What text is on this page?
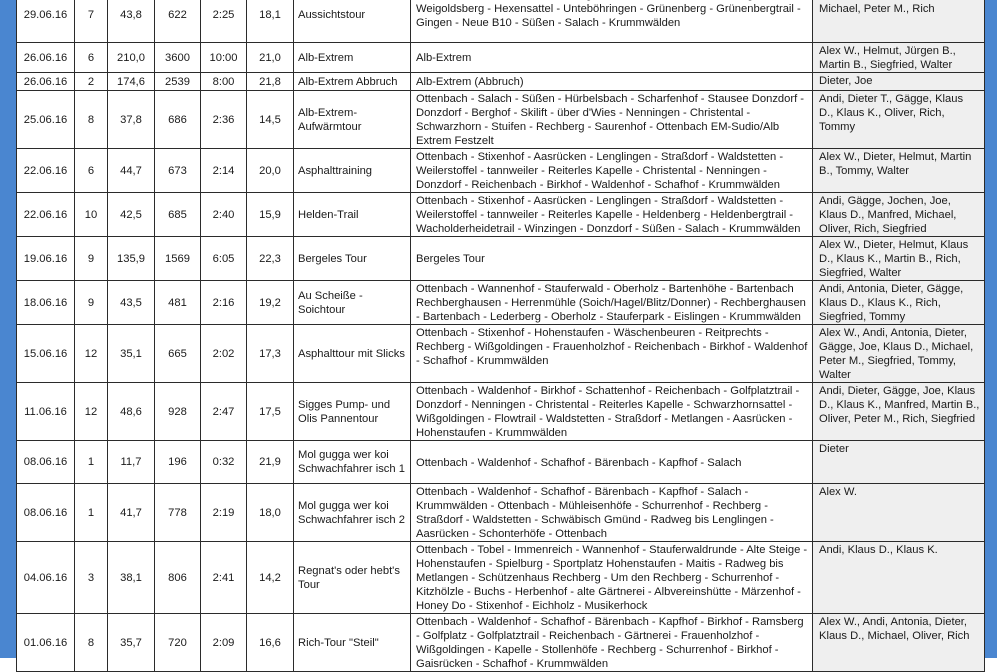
29.06.16	7	43,8	622	2:25	18,1	Aussichtstour	Weigoldsberg - Hexensattel - Unteböhringen - Grünenberg - Grünenbergtrail - Gingen - Neue B10 - Süßen - Salach - Krummwälden	Michael, Peter M., Rich
26.06.16	6	210,0	3600	10:00	21,0	Alb-Extrem	Alb-Extrem	Alex W., Helmut, Jürgen B., Martin B., Siegfried, Walter
26.06.16	2	174,6	2539	8:00	21,8	Alb-Extrem Abbruch	Alb-Extrem (Abbruch)	Dieter, Joe
25.06.16	8	37,8	686	2:36	14,5	Alb-Extrem-Aufwärmtour	Ottenbach - Salach - Süßen - Hürbelsbach - Scharfenhof - Stausee Donzdorf - Donzdorf - Berghof - Skilift - über d'Wies - Nenningen - Christental - Schwarzhorn - Stuifen - Rechberg - Saurenhof - Ottenbach EM-Sudio/Alb Extrem Festzelt	Andi, Dieter T., Gägge, Klaus D., Klaus K., Oliver, Rich, Tommy
22.06.16	6	44,7	673	2:14	20,0	Asphalttraining	Ottenbach - Stixenhof - Aasrücken - Lenglingen - Straßdorf - Waldstetten - Weilerstoffel - tannweiler - Reiterles Kapelle - Christental - Nenningen - Donzdorf - Reichenbach - Birkhof - Waldenhof - Schafhof - Krummwälden	Alex W., Dieter, Helmut, Martin B., Tommy, Walter
22.06.16	10	42,5	685	2:40	15,9	Helden-Trail	Ottenbach - Stixenhof - Aasrücken - Lenglingen - Straßdorf - Waldstetten - Weilerstoffel - tannweiler - Reiterles Kapelle - Heldenberg - Heldenbergtrail - Wacholderheidetrail - Winzingen - Donzdorf - Süßen - Salach - Krummwälden	Andi, Gägge, Jochen, Joe, Klaus D., Manfred, Michael, Oliver, Rich, Siegfried
19.06.16	9	135,9	1569	6:05	22,3	Bergeles Tour	Bergeles Tour	Alex W., Dieter, Helmut, Klaus D., Klaus K., Martin B., Rich, Siegfried, Walter
18.06.16	9	43,5	481	2:16	19,2	Au Scheiße - Soichtour	Ottenbach - Wannenhof - Stauferwald - Oberholz - Bartenhöhe - Bartenbach Rechberghausen - Herrenmühle (Soich/Hagel/Blitz/Donner) - Rechberghausen - Bartenbach - Lederberg - Oberholz - Stauferpark - Eislingen - Krummwälden	Andi, Antonia, Dieter, Gägge, Klaus D., Klaus K., Rich, Siegfried, Tommy
15.06.16	12	35,1	665	2:02	17,3	Asphalttour mit Slicks	Ottenbach - Stixenhof - Hohenstaufen - Wäschenbeuren - Reitprechts - Rechberg - Wißgoldingen - Frauenholzhof - Reichenbach - Birkhof - Waldenhof - Schafhof - Krummwälden	Alex W., Andi, Antonia, Dieter, Gägge, Joe, Klaus D., Michael, Peter M., Siegfried, Tommy, Walter
11.06.16	12	48,6	928	2:47	17,5	Sigges Pump- und Olis Pannentour	Ottenbach - Waldenhof - Birkhof - Schattenhof - Reichenbach - Golfplatztrail - Donzdorf - Nenningen - Christental - Reiterles Kapelle - Schwarzhornsattel - Wißgoldingen - Flowtrail - Waldstetten - Straßdorf - Metlangen - Aasrücken - Hohenstaufen - Krummwälden	Andi, Dieter, Gägge, Joe, Klaus D., Klaus K., Manfred, Martin B., Oliver, Peter M., Rich, Siegfried
08.06.16	1	11,7	196	0:32	21,9	Mol gugga wer koi Schwachfahrer isch 1	Ottenbach - Waldenhof - Schafhof - Bärenbach - Kapfhof - Salach	Dieter
08.06.16	1	41,7	778	2:19	18,0	Mol gugga wer koi Schwachfahrer isch 2	Ottenbach - Waldenhof - Schafhof - Bärenbach - Kapfhof - Salach - Krummwälden - Ottenbach - Mühleisenhöfe - Schurrenhof - Rechberg - Straßdorf - Waldstetten - Schwäbisch Gmünd - Radweg bis Lenglingen - Aasrücken - Schonterhöfe - Ottenbach	Alex W.
04.06.16	3	38,1	806	2:41	14,2	Regnat's oder hebt's Tour	Ottenbach - Tobel - Immenreich - Wannenhof - Stauferwaldrunde - Alte Steige - Hohenstaufen - Spielburg - Sportplatz Hohenstaufen - Maitis - Radweg bis Metlangen - Schützenhaus Rechberg - Um den Rechberg - Schurrenhof - Kitzhölzle - Buchs - Herbenhof - alte Gärtnerei - Albvereinshütte - Märzenhof - Honey Do - Stixenhof - Eichholz - Musikerhock	Andi, Klaus D., Klaus K.
01.06.16	8	35,7	720	2:09	16,6	Rich-Tour "Steil"	Ottenbach - Waldenhof - Schafhof - Bärenbach - Kapfhof - Birkhof - Ramsberg - Golfplatz - Golfplatztrail - Reichenbach - Gärtnerei - Frauenholzhof - Wißgoldingen - Kapelle - Stollenhöfe - Rechberg - Schurrenhof - Birkhof - Gaisrücken - Schafhof - Krummwälden	Alex W., Andi, Antonia, Dieter, Klaus D., Michael, Oliver, Rich
